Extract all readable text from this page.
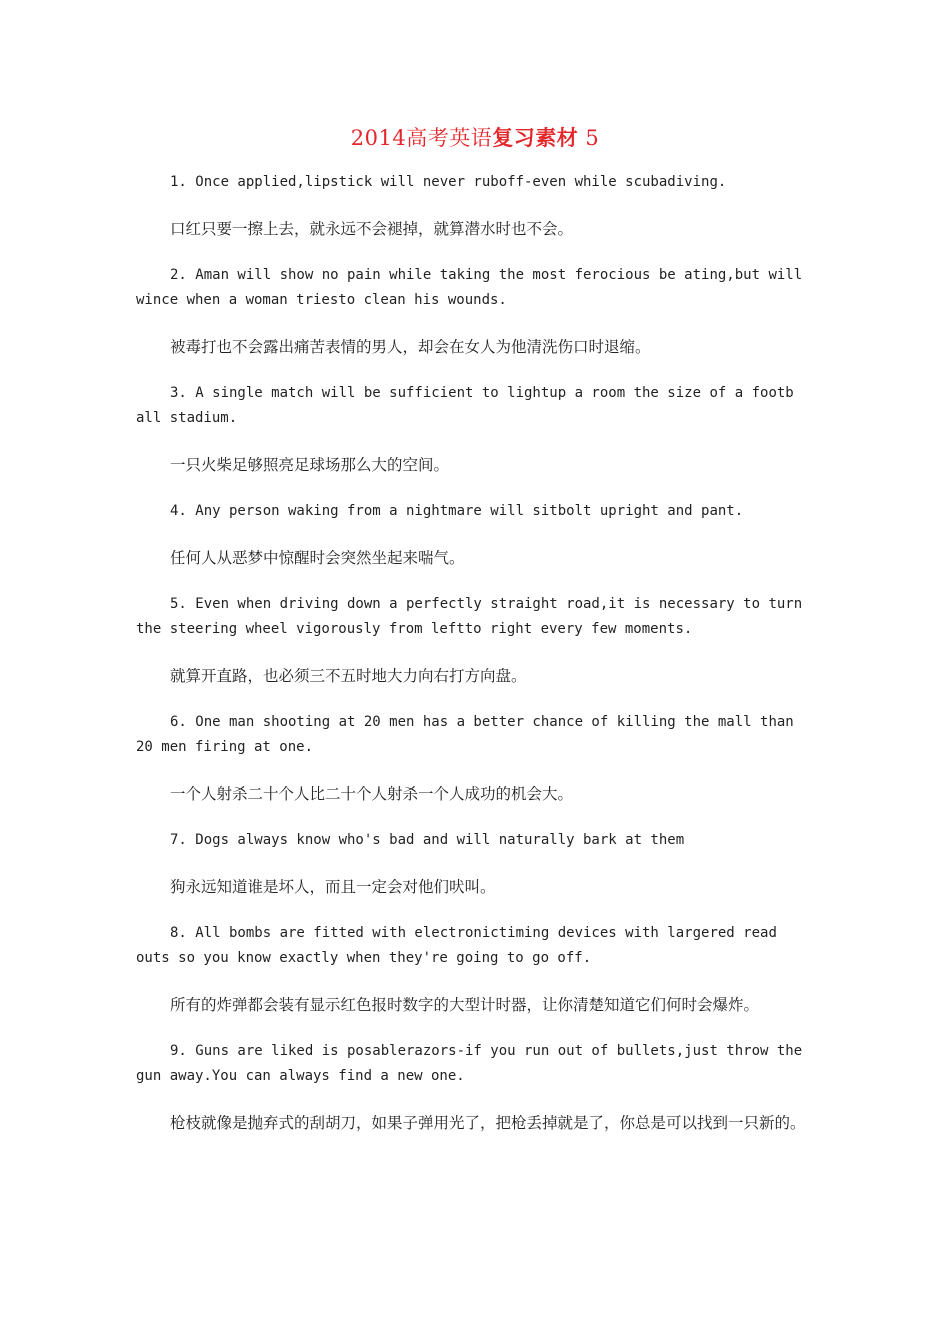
2014高考英语复习素材 5

1. Once applied,lipstick will never ruboff-even while scubadiving.

口红只要一擦上去，就永远不会褪掉，就算潜水时也不会。

2. Aman will show no pain while taking the most ferocious be ating,but will wince when a woman triesto clean his wounds.

被毒打也不会露出痛苦表情的男人，却会在女人为他清洗伤口时退缩。

3. A single match will be sufficient to lightup a room the size of a footb all stadium.

一只火柴足够照亮足球场那么大的空间。

4. Any person waking from a nightmare will sitbolt upright and pant.

任何人从恶梦中惊醒时会突然坐起来喘气。

5. Even when driving down a perfectly straight road,it is necessary to turn the steering wheel vigorously from leftto right every few moments.

就算开直路，也必须三不五时地大力向右打方向盘。

6. One man shooting at 20 men has a better chance of killing the mall than 20 men firing at one.

一个人射杀二十个人比二十个人射杀一个人成功的机会大。

7. Dogs always know who's bad and will naturally bark at them

狗永远知道谁是坏人，而且一定会对他们吠叫。

8. All bombs are fitted with electronictiming devices with largered read outs so you know exactly when they're going to go off.

所有的炸弹都会装有显示红色报时数字的大型计时器，让你清楚知道它们何时会爆炸。

9. Guns are liked is posablerazors-if you run out of bullets,just throw the gun away.You can always find a new one.

枪枝就像是抛弃式的刮胡刀，如果子弹用光了，把枪丢掉就是了，你总是可以找到一只新的。
